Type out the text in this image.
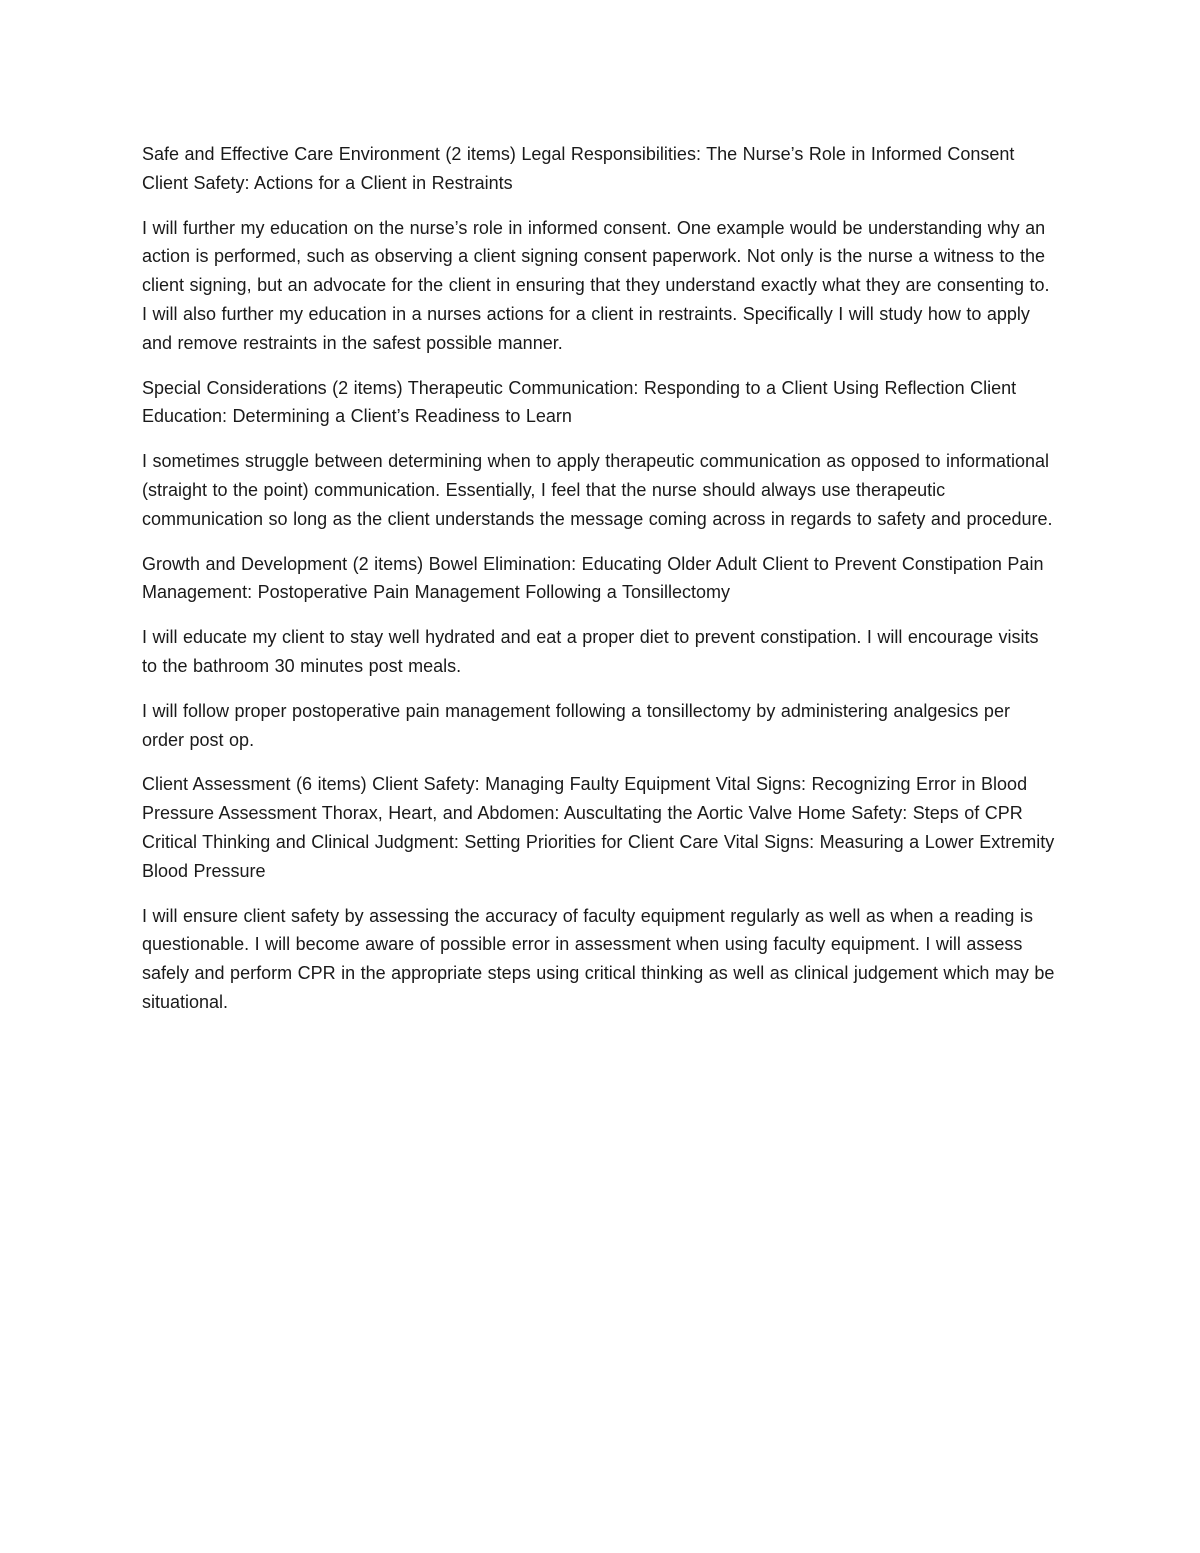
Safe and Effective Care Environment (2 items) Legal Responsibilities: The Nurse’s Role in Informed Consent Client Safety: Actions for a Client in Restraints

I will further my education on the nurse’s role in informed consent. One example would be understanding why an action is performed, such as observing a client signing consent paperwork. Not only is the nurse a witness to the client signing, but an advocate for the client in ensuring that they understand exactly what they are consenting to. I will also further my education in a nurses actions for a client in restraints. Specifically I will study how to apply and remove restraints in the safest possible manner.

Special Considerations (2 items) Therapeutic Communication: Responding to a Client Using Reflection Client Education: Determining a Client’s Readiness to Learn

I sometimes struggle between determining when to apply therapeutic communication as opposed to informational (straight to the point) communication. Essentially, I feel that the nurse should always use therapeutic communication so long as the client understands the message coming across in regards to safety and procedure.

Growth and Development (2 items) Bowel Elimination: Educating Older Adult Client to Prevent Constipation Pain Management: Postoperative Pain Management Following a Tonsillectomy

I will educate my client to stay well hydrated and eat a proper diet to prevent constipation. I will encourage visits to the bathroom 30 minutes post meals.

I will follow proper postoperative pain management following a tonsillectomy by administering analgesics per order post op.

Client Assessment (6 items) Client Safety: Managing Faulty Equipment Vital Signs: Recognizing Error in Blood Pressure Assessment Thorax, Heart, and Abdomen: Auscultating the Aortic Valve Home Safety: Steps of CPR Critical Thinking and Clinical Judgment: Setting Priorities for Client Care Vital Signs: Measuring a Lower Extremity Blood Pressure

I will ensure client safety by assessing the accuracy of faculty equipment regularly as well as when a reading is questionable. I will become aware of possible error in assessment when using faculty equipment. I will assess safely and perform CPR in the appropriate steps using critical thinking as well as clinical judgement which may be situational.
